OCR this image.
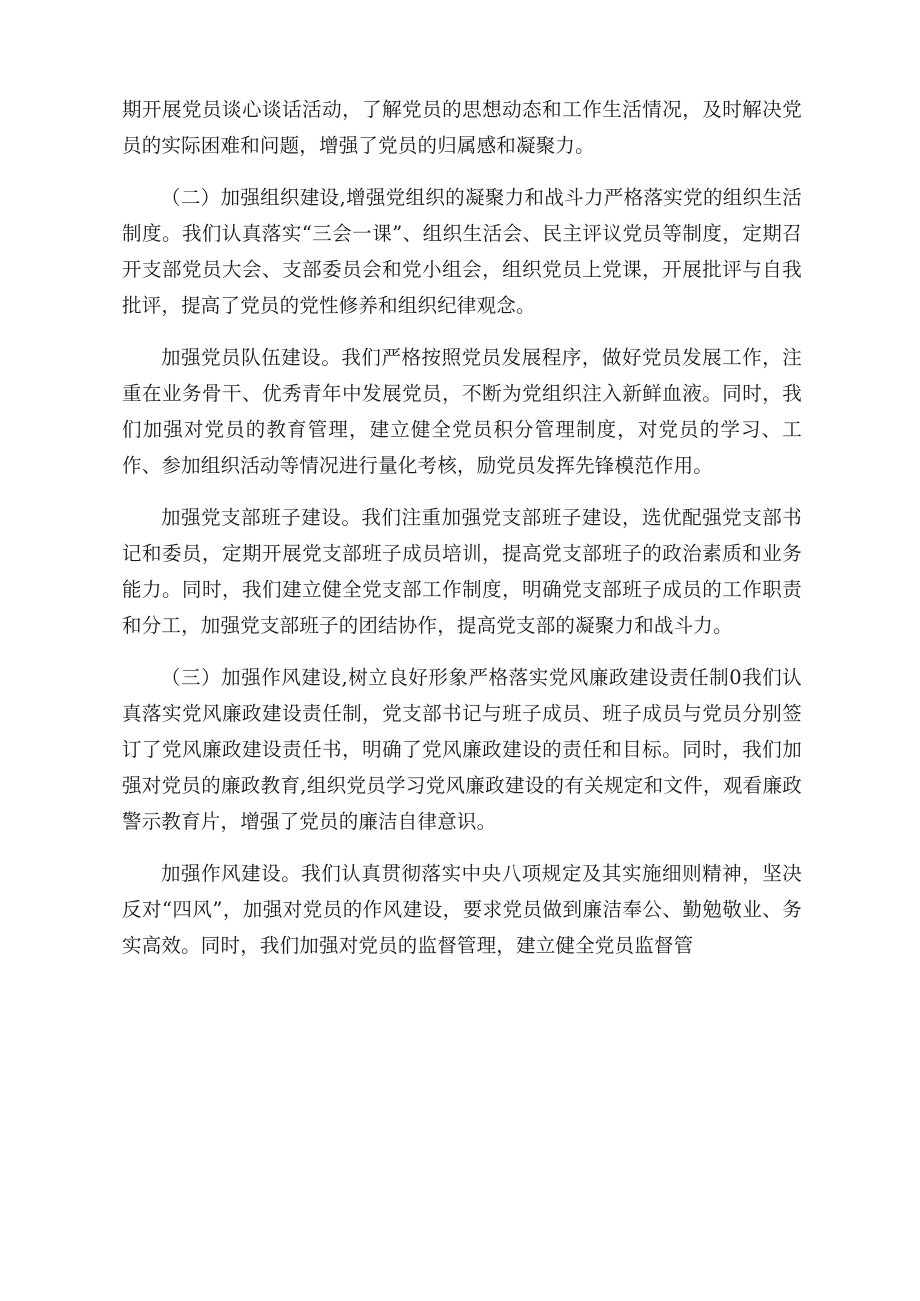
期开展党员谈心谈话活动，了解党员的思想动态和工作生活情况，及时解决党员的实际困难和问题，增强了党员的归属感和凝聚力。

（二）加强组织建设,增强党组织的凝聚力和战斗力严格落实党的组织生活制度。我们认真落实“三会一课”、组织生活会、民主评议党员等制度，定期召开支部党员大会、支部委员会和党小组会，组织党员上党课，开展批评与自我批评，提高了党员的党性修养和组织纪律观念。

加强党员队伍建设。我们严格按照党员发展程序，做好党员发展工作，注重在业务骨干、优秀青年中发展党员，不断为党组织注入新鲜血液。同时，我们加强对党员的教育管理，建立健全党员积分管理制度，对党员的学习、工作、参加组织活动等情况进行量化考核，励党员发挥先锋模范作用。

加强党支部班子建设。我们注重加强党支部班子建设，选优配强党支部书记和委员，定期开展党支部班子成员培训，提高党支部班子的政治素质和业务能力。同时，我们建立健全党支部工作制度，明确党支部班子成员的工作职责和分工，加强党支部班子的团结协作，提高党支部的凝聚力和战斗力。

（三）加强作风建设,树立良好形象严格落实党风廉政建设责任制0我们认真落实党风廉政建设责任制，党支部书记与班子成员、班子成员与党员分别签订了党风廉政建设责任书，明确了党风廉政建设的责任和目标。同时，我们加强对党员的廉政教育,组织党员学习党风廉政建设的有关规定和文件，观看廉政警示教育片，增强了党员的廉洁自律意识。

加强作风建设。我们认真贯彻落实中央八项规定及其实施细则精神，坚决反对“四风”，加强对党员的作风建设，要求党员做到廉洁奉公、勤勉敬业、务实高效。同时，我们加强对党员的监督管理，建立健全党员监督管
